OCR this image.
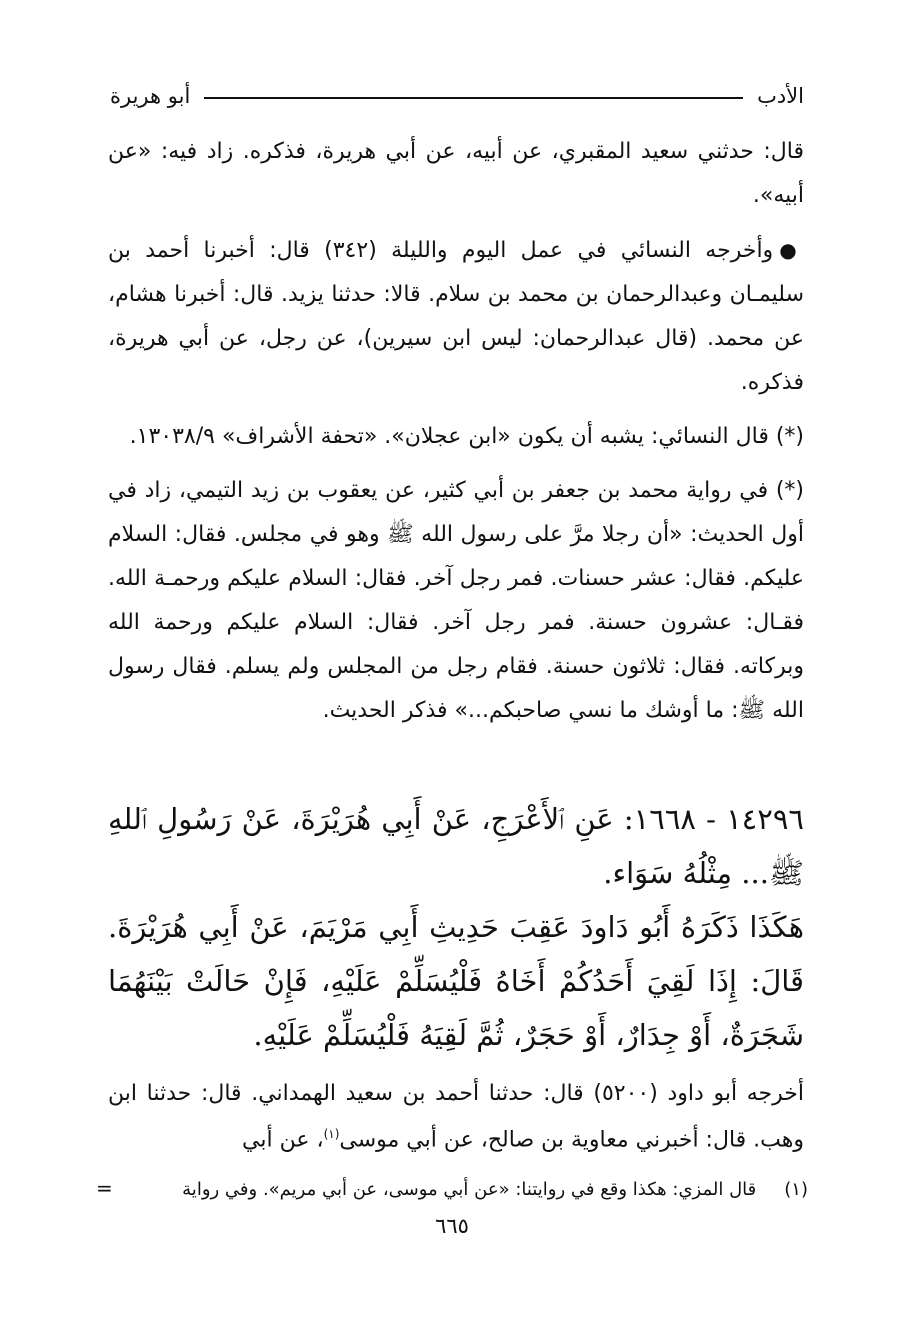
الأدب
أبو هريرة

قال: حدثني سعيد المقبري، عن أبيه، عن أبي هريرة، فذكره. زاد فيه: «عن أبيه».

●وأخرجه النسائي في عمل اليوم والليلة (٣٤٢) قال: أخبرنا أحمد بن سليمـان وعبدالرحمان بن محمد بن سلام. قالا: حدثنا يزيد. قال: أخبرنا هشام، عن محمد. (قال عبدالرحمان: ليس ابن سيرين)، عن رجل، عن أبي هريرة، فذكره.

(*) قال النسائي: يشبه أن يكون «ابن عجلان». «تحفة الأشراف» ١٣٠٣٨/٩.

(*) في رواية محمد بن جعفر بن أبي كثير، عن يعقوب بن زيد التيمي، زاد في أول الحديث: «أن رجلا مرَّ على رسول الله ﷺ وهو في مجلس. فقال: السلام عليكم. فقال: عشر حسنات. فمر رجل آخر. فقال: السلام عليكم ورحمـة الله. فقـال: عشرون حسنة. فمر رجل آخر. فقال: السلام عليكم ورحمة الله وبركاته. فقال: ثلاثون حسنة. فقام رجل من المجلس ولم يسلم. فقال رسول الله ﷺ: ما أوشك ما نسي صاحبكم...» فذكر الحديث.

١٤٢٩٦ - ١٦٦٨: عَنِ ٱلأَعْرَجِ، عَنْ أَبِي هُرَيْرَةَ، عَنْ رَسُولِ ٱللهِ ﷺ... مِثْلُهُ سَوَاء.

هَكَذَا ذَكَرَهُ أَبُو دَاودَ عَقِبَ حَدِيثِ أَبِي مَرْيَمَ، عَنْ أَبِي هُرَيْرَةَ. قَالَ: إِذَا لَقِيَ أَحَدُكُمْ أَخَاهُ فَلْيُسَلِّمْ عَلَيْهِ، فَإِنْ حَالَتْ بَيْنَهُمَا شَجَرَةٌ، أَوْ جِدَارٌ، أَوْ حَجَرٌ، ثُمَّ لَقِيَهُ فَلْيُسَلِّمْ عَلَيْهِ.

أخرجه أبو داود (٥٢٠٠) قال: حدثنا أحمد بن سعيد الهمداني. قال: حدثنا ابن وهب. قال: أخبرني معاوية بن صالح، عن أبي موسى$^{(١)}$، عن أبي

(١)
قال المزي: هكذا وقع في روايتنا: «عن أبي موسى، عن أبي مريم». وفي رواية
=
٦٦٥
